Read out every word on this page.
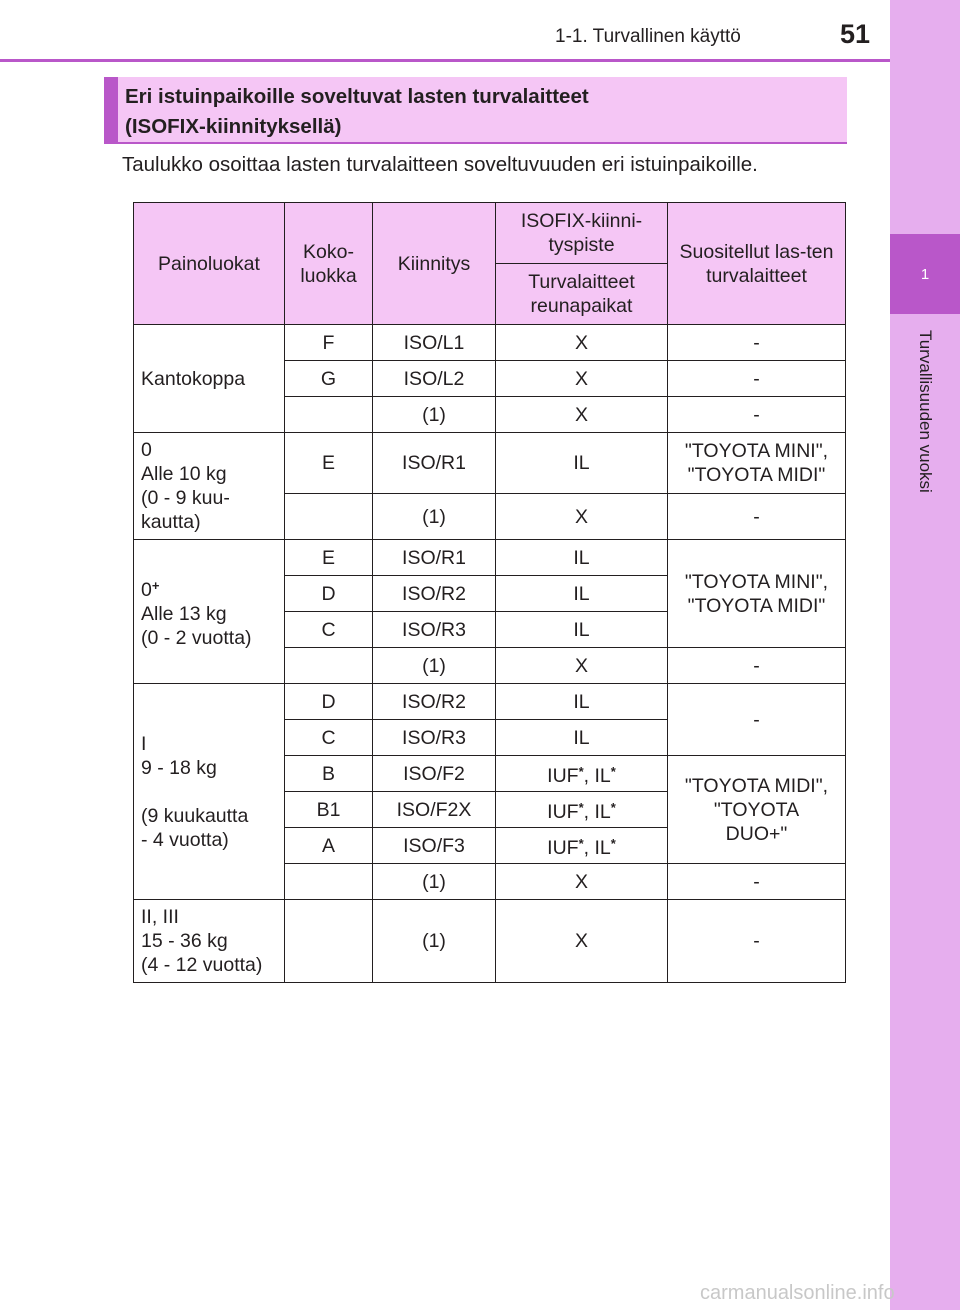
1
Turvallisuuden vuoksi
1-1. Turvallinen käyttö	51
Eri istuinpaikoille soveltuvat lasten turvalaitteet
(ISOFIX-kiinnityksellä)
Taulukko osoittaa lasten turvalaitteen soveltuvuuden eri istuinpaikoille.
Painoluokat	Koko-luokka	Kiinnitys	ISOFIX-kiinni-tyspiste	Suositellut las-ten turvalaitteet
			Turvalaitteet reunapaikat	
Kantokoppa	F	ISO/L1	X	-
	G	ISO/L2	X	-
		(1)	X	-

0
Alle 10 kg
(0 - 9 kuu-
kautta)	E	ISO/R1	IL	"TOYOTA MINI",
"TOYOTA MIDI"

		(1)	X	-

0+
Alle 13 kg
(0 - 2 vuotta)	E	ISO/R1	IL	"TOYOTA MINI",
"TOYOTA MIDI"

	D	ISO/R2	IL	
	C	ISO/R3	IL	
		(1)	X	-

I
9 - 18 kg
(9 kuukautta
- 4 vuotta)	D	ISO/R2	IL	-
	C	ISO/R3	IL	
	B	ISO/F2	IUF*, IL*	"TOYOTA MIDI",
"TOYOTA
DUO+"

	B1	ISO/F2X	IUF*, IL*
	A	ISO/F3	IUF*, IL*
		(1)	X	-

II, III
15 - 36 kg
(4 - 12 vuotta)		(1)	X	-
carmanualsonline.info
